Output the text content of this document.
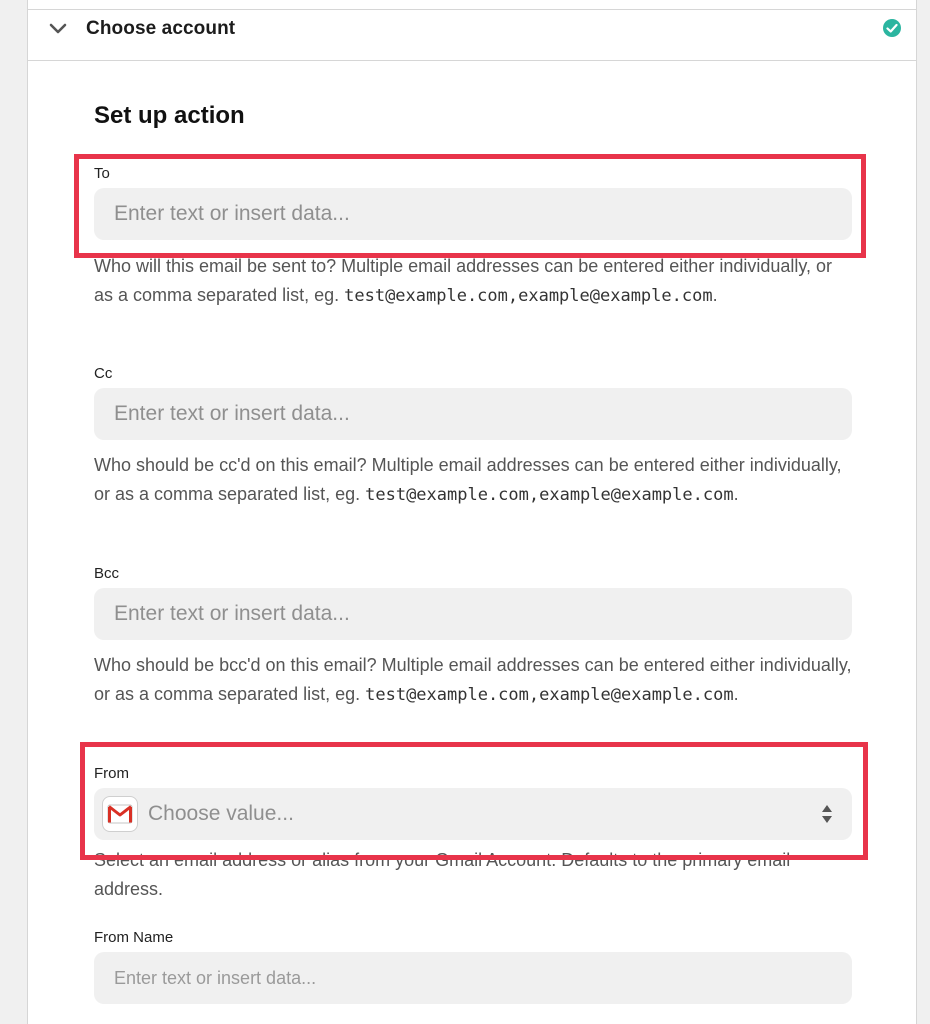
Choose account
Set up action
To
Enter text or insert data...
Who will this email be sent to? Multiple email addresses can be entered either individually, or as a comma separated list, eg. test@example.com,example@example.com.
Cc
Enter text or insert data...
Who should be cc'd on this email? Multiple email addresses can be entered either individually, or as a comma separated list, eg. test@example.com,example@example.com.
Bcc
Enter text or insert data...
Who should be bcc'd on this email? Multiple email addresses can be entered either individually, or as a comma separated list, eg. test@example.com,example@example.com.
From
Choose value...
Select an email address or alias from your Gmail Account. Defaults to the primary email address.
From Name
Enter text or insert data...
